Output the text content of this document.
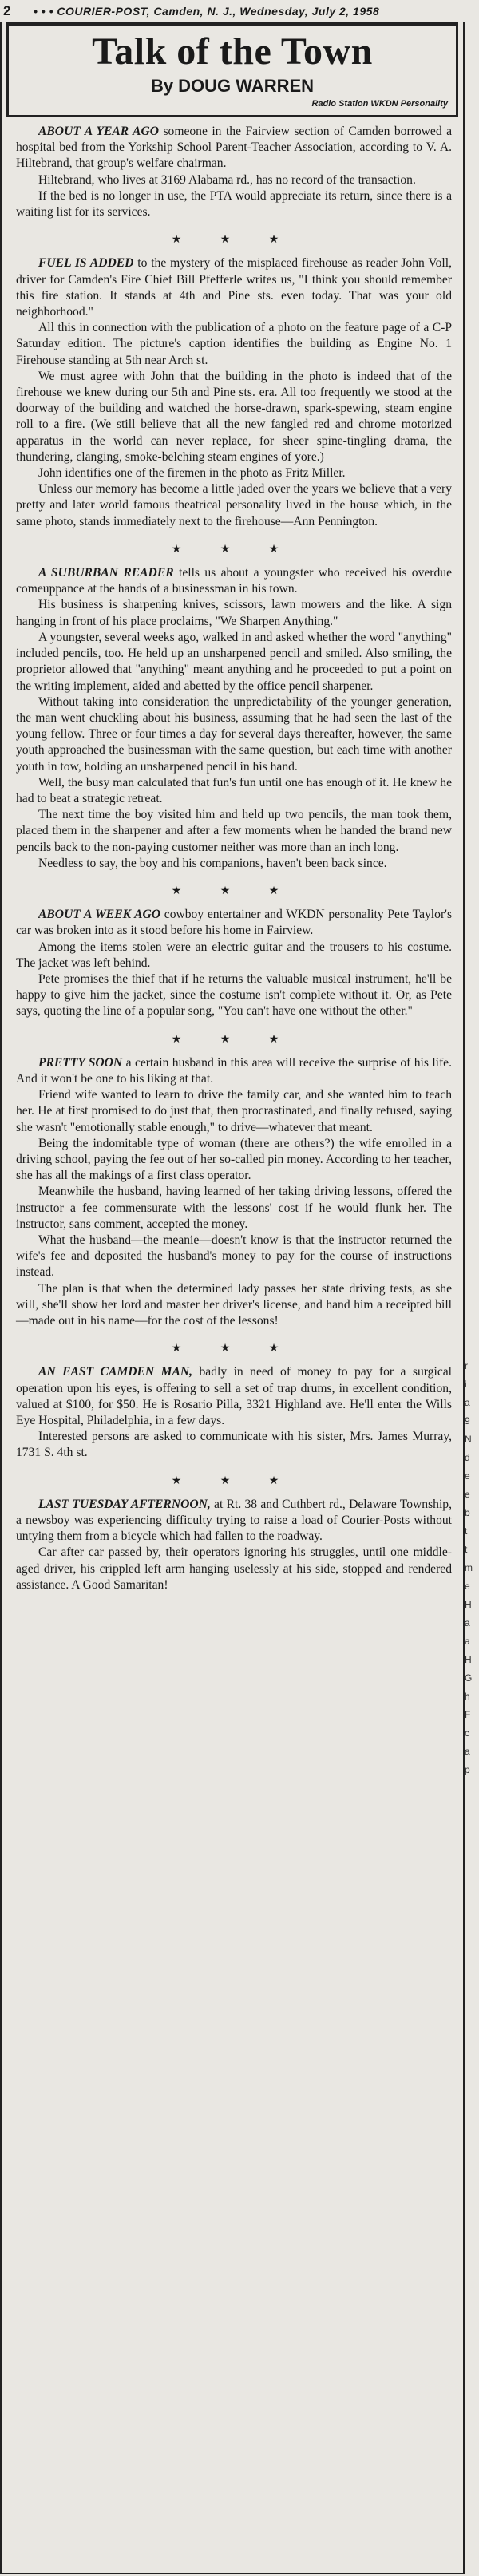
2 • • • COURIER-POST, Camden, N. J., Wednesday, July 2, 1958
Talk of the Town
By DOUG WARREN
Radio Station WKDN Personality

ABOUT A YEAR AGO someone in the Fairview section of Camden borrowed a hospital bed from the Yorkship School Parent-Teacher Association, according to V. A. Hiltebrand, that group's welfare chairman.

Hiltebrand, who lives at 3169 Alabama rd., has no record of the transaction.

If the bed is no longer in use, the PTA would appreciate its return, since there is a waiting list for its services.

★ ★ ★

FUEL IS ADDED to the mystery of the misplaced firehouse as reader John Voll, driver for Camden's Fire Chief Bill Pfefferle writes us, "I think you should remember this fire station. It stands at 4th and Pine sts. even today. That was your old neighborhood."

All this in connection with the publication of a photo on the feature page of a C-P Saturday edition. The picture's caption identifies the building as Engine No. 1 Firehouse standing at 5th near Arch st.

We must agree with John that the building in the photo is indeed that of the firehouse we knew during our 5th and Pine sts. era. All too frequently we stood at the doorway of the building and watched the horse-drawn, spark-spewing, steam engine roll to a fire. (We still believe that all the new fangled red and chrome motorized apparatus in the world can never replace, for sheer spine-tingling drama, the thundering, clanging, smoke-belching steam engines of yore.)

John identifies one of the firemen in the photo as Fritz Miller.

Unless our memory has become a little jaded over the years we believe that a very pretty and later world famous theatrical personality lived in the house which, in the same photo, stands immediately next to the firehouse—Ann Pennington.

★ ★ ★

A SUBURBAN READER tells us about a youngster who received his overdue comeuppance at the hands of a businessman in his town.

His business is sharpening knives, scissors, lawn mowers and the like. A sign hanging in front of his place proclaims, "We Sharpen Anything."

A youngster, several weeks ago, walked in and asked whether the word "anything" included pencils, too. He held up an unsharpened pencil and smiled. Also smiling, the proprietor allowed that "anything" meant anything and he proceeded to put a point on the writing implement, aided and abetted by the office pencil sharpener.

Without taking into consideration the unpredictability of the younger generation, the man went chuckling about his business, assuming that he had seen the last of the young fellow. Three or four times a day for several days thereafter, however, the same youth approached the businessman with the same question, but each time with another youth in tow, holding an unsharpened pencil in his hand.

Well, the busy man calculated that fun's fun until one has enough of it. He knew he had to beat a strategic retreat.

The next time the boy visited him and held up two pencils, the man took them, placed them in the sharpener and after a few moments when he handed the brand new pencils back to the non-paying customer neither was more than an inch long.

Needless to say, the boy and his companions, haven't been back since.

★ ★ ★

ABOUT A WEEK AGO cowboy entertainer and WKDN personality Pete Taylor's car was broken into as it stood before his home in Fairview.

Among the items stolen were an electric guitar and the trousers to his costume. The jacket was left behind.

Pete promises the thief that if he returns the valuable musical instrument, he'll be happy to give him the jacket, since the costume isn't complete without it. Or, as Pete says, quoting the line of a popular song, "You can't have one without the other."

★ ★ ★

PRETTY SOON a certain husband in this area will receive the surprise of his life. And it won't be one to his liking at that.

Friend wife wanted to learn to drive the family car, and she wanted him to teach her. He at first promised to do just that, then procrastinated, and finally refused, saying she wasn't "emotionally stable enough," to drive—whatever that meant.

Being the indomitable type of woman (there are others?) the wife enrolled in a driving school, paying the fee out of her so-called pin money. According to her teacher, she has all the makings of a first class operator.

Meanwhile the husband, having learned of her taking driving lessons, offered the instructor a fee commensurate with the lessons' cost if he would flunk her. The instructor, sans comment, accepted the money.

What the husband—the meanie—doesn't know is that the instructor returned the wife's fee and deposited the husband's money to pay for the course of instructions instead.

The plan is that when the determined lady passes her state driving tests, as she will, she'll show her lord and master her driver's license, and hand him a receipted bill—made out in his name—for the cost of the lessons!

★ ★ ★

AN EAST CAMDEN MAN, badly in need of money to pay for a surgical operation upon his eyes, is offering to sell a set of trap drums, in excellent condition, valued at $100, for $50. He is Rosario Pilla, 3321 Highland ave. He'll enter the Wills Eye Hospital, Philadelphia, in a few days.

Interested persons are asked to communicate with his sister, Mrs. James Murray, 1731 S. 4th st.

★ ★ ★

LAST TUESDAY AFTERNOON, at Rt. 38 and Cuthbert rd., Delaware Township, a newsboy was experiencing difficulty trying to raise a load of Courier-Posts without untying them from a bicycle which had fallen to the roadway.

Car after car passed by, their operators ignoring his struggles, until one middle-aged driver, his crippled left arm hanging uselessly at his side, stopped and rendered assistance. A Good Samaritan!

r
i
a
9
N
d
e
e
b
t
t
m
e
H
a
a
H
G
h
F
c
a
p
